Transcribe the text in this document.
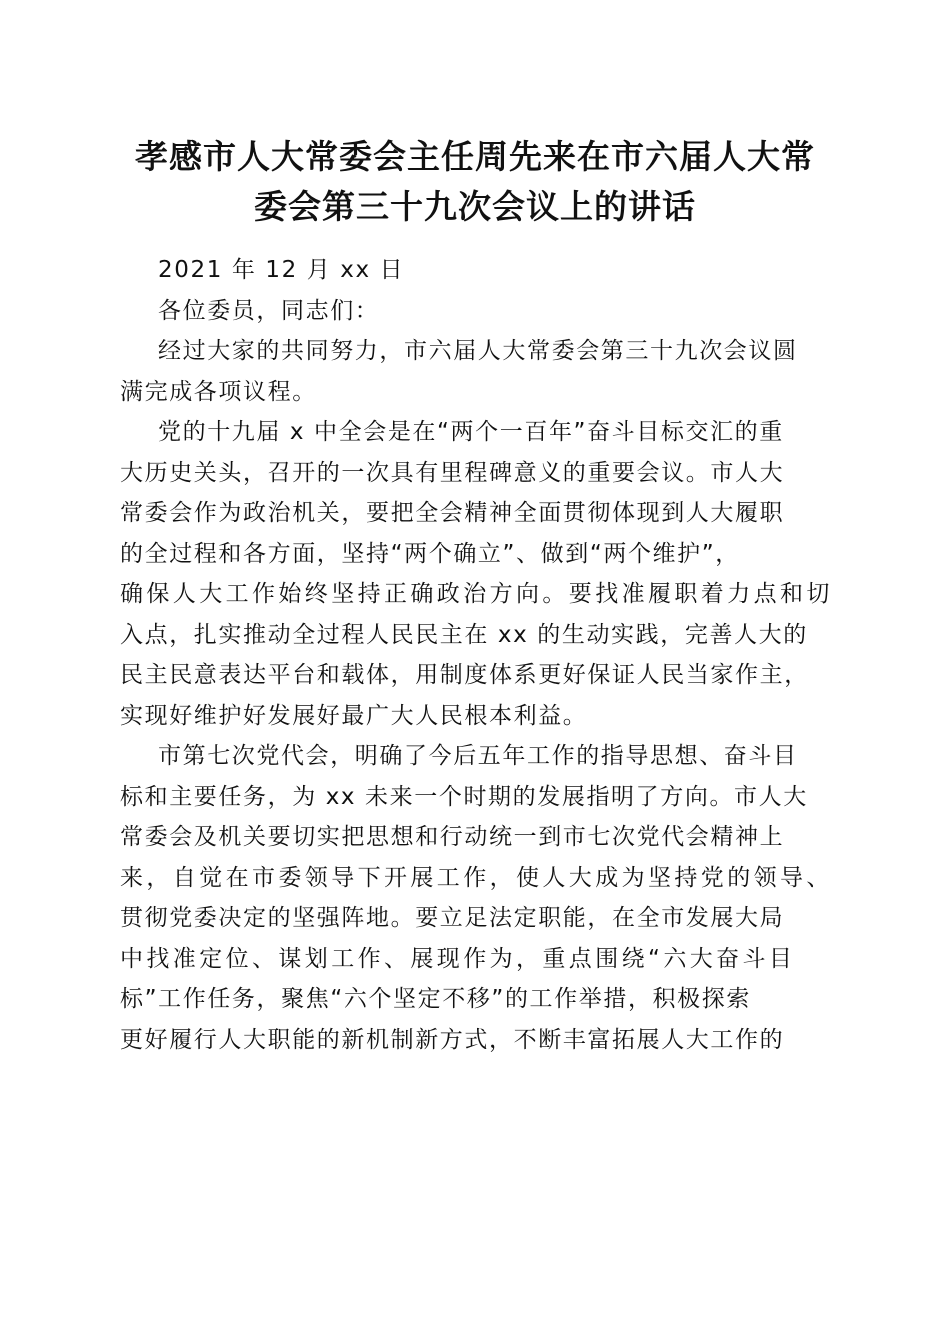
孝感市人大常委会主任周先来在市六届人大常
委会第三十九次会议上的讲话
2021 年 12 月 xx 日
各位委员，同志们：
经过大家的共同努力，市六届人大常委会第三十九次会议圆
满完成各项议程。
党的十九届 x 中全会是在“两个一百年”奋斗目标交汇的重
大历史关头，召开的一次具有里程碑意义的重要会议。市人大
常委会作为政治机关，要把全会精神全面贯彻体现到人大履职
的全过程和各方面，坚持“两个确立”、做到“两个维护”，
确保人大工作始终坚持正确政治方向。要找准履职着力点和切
入点，扎实推动全过程人民民主在 xx 的生动实践，完善人大的
民主民意表达平台和载体，用制度体系更好保证人民当家作主，
实现好维护好发展好最广大人民根本利益。
市第七次党代会，明确了今后五年工作的指导思想、奋斗目
标和主要任务，为 xx 未来一个时期的发展指明了方向。市人大
常委会及机关要切实把思想和行动统一到市七次党代会精神上
来，自觉在市委领导下开展工作，使人大成为坚持党的领导、
贯彻党委决定的坚强阵地。要立足法定职能，在全市发展大局
中找准定位、谋划工作、展现作为，重点围绕“六大奋斗目
标”工作任务，聚焦“六个坚定不移”的工作举措，积极探索
更好履行人大职能的新机制新方式，不断丰富拓展人大工作的
